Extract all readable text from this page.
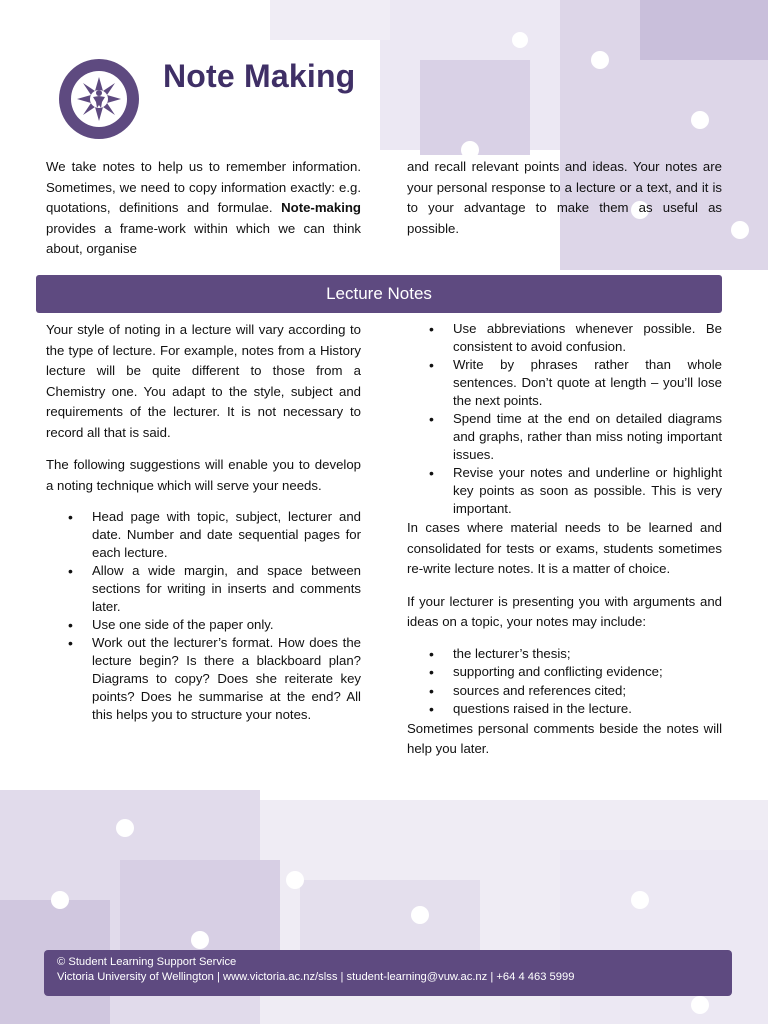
Note Making

We take notes to help us to remember information. Sometimes, we need to copy information exactly: e.g. quotations, definitions and formulae. Note-making provides a frame-work within which we can think about, organise

and recall relevant points and ideas. Your notes are your personal response to a lecture or a text, and it is to your advantage to make them as useful as possible.

Lecture Notes

Your style of noting in a lecture will vary according to the type of lecture. For example, notes from a History lecture will be quite different to those from a Chemistry one. You adapt to the style, subject and requirements of the lecturer. It is not necessary to record all that is said.

The following suggestions will enable you to develop a noting technique which will serve your needs.

• Head page with topic, subject, lecturer and date. Number and date sequential pages for each lecture.
• Allow a wide margin, and space between sections for writing in inserts and comments later.
• Use one side of the paper only.
• Work out the lecturer’s format. How does the lecture begin? Is there a blackboard plan? Diagrams to copy? Does she reiterate key points? Does he summarise at the end? All this helps you to structure your notes.
• Use abbreviations whenever possible. Be consistent to avoid confusion.
• Write by phrases rather than whole sentences. Don’t quote at length – you’ll lose the next points.
• Spend time at the end on detailed diagrams and graphs, rather than miss noting important issues.
• Revise your notes and underline or highlight key points as soon as possible. This is very important.

In cases where material needs to be learned and consolidated for tests or exams, students sometimes re-write lecture notes. It is a matter of choice.

If your lecturer is presenting you with arguments and ideas on a topic, your notes may include:

• the lecturer’s thesis;
• supporting and conflicting evidence;
• sources and references cited;
• questions raised in the lecture.

Sometimes personal comments beside the notes will help you later.

© Student Learning Support Service
Victoria University of Wellington | www.victoria.ac.nz/slss | student-learning@vuw.ac.nz | +64 4 463 5999
